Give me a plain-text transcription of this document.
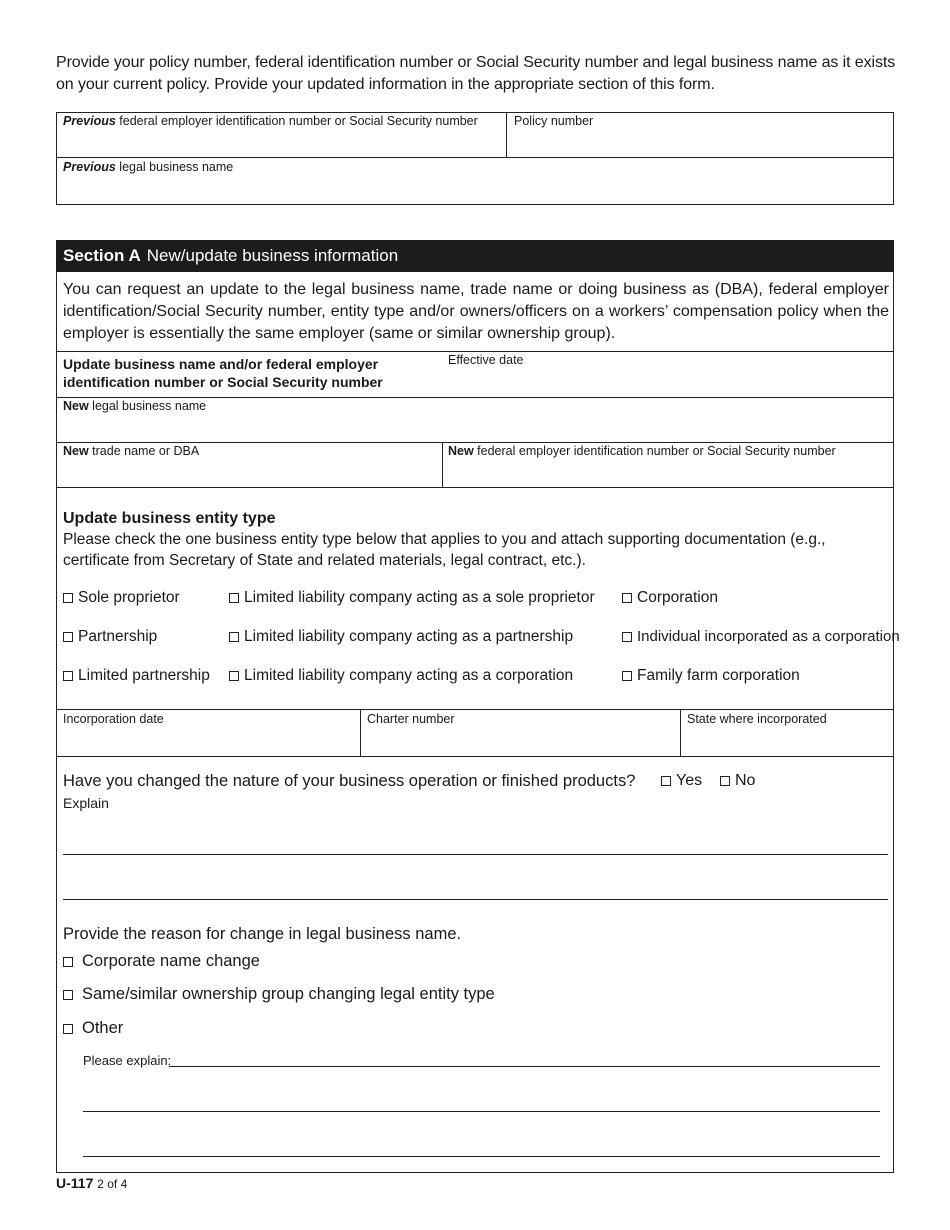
Provide your policy number, federal identification number or Social Security number and legal business name as it exists on your current policy. Provide your updated information in the appropriate section of this form.
Previous federal employer identification number or Social Security number	Policy number
Previous legal business name
Section A New/update business information
You can request an update to the legal business name, trade name or doing business as (DBA), federal employer identification/Social Security number, entity type and/or owners/officers on a workers’ compensation policy when the employer is essentially the same employer (same or similar ownership group).
Update business name and/or federal employer
identification number or Social Security number
Effective date
New legal business name
New trade name or DBA	New federal employer identification number or Social Security number
Update business entity type
Please check the one business entity type below that applies to you and attach supporting documentation (e.g., certificate from Secretary of State and related materials, legal contract, etc.).
Sole proprietor	Limited liability company acting as a sole proprietor	Corporation
Partnership	Limited liability company acting as a partnership	Individual incorporated as a corporation
Limited partnership	Limited liability company acting as a corporation	Family farm corporation
Incorporation date	Charter number	State where incorporated
Have you changed the nature of your business operation or finished products?	Yes	No
Explain
Provide the reason for change in legal business name.
Corporate name change
Same/similar ownership group changing legal entity type
Other
Please explain:
U-117 2 of 4
